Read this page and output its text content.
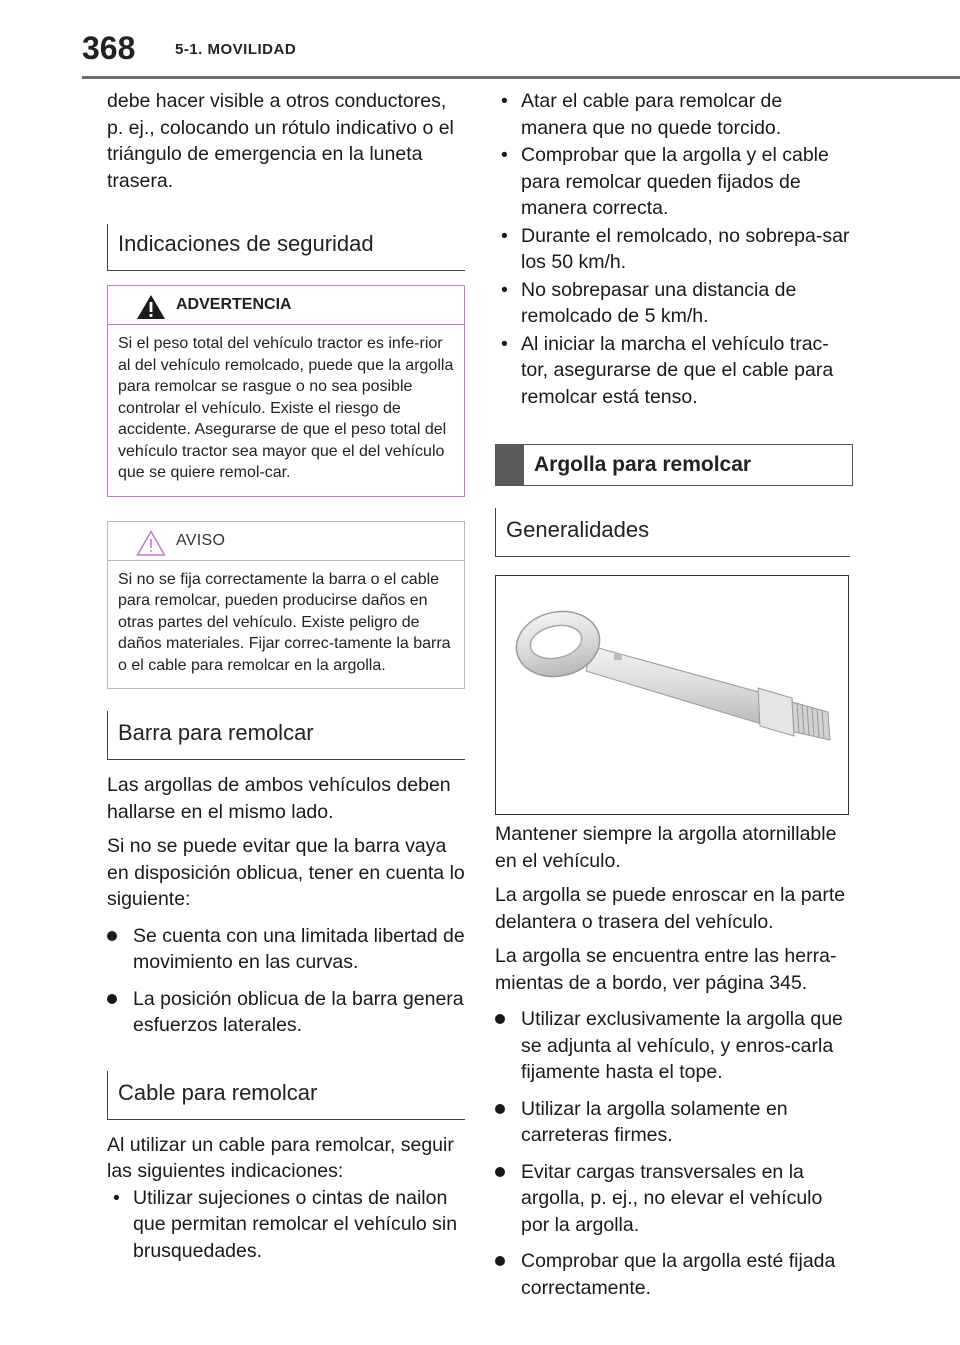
368	5-1. MOVILIDAD

debe hacer visible a otros conductores, p. ej., colocando un rótulo indicativo o el triángulo de emergencia en la luneta trasera.

Indicaciones de seguridad
ADVERTENCIA
Si el peso total del vehículo tractor es infe-rior al del vehículo remolcado, puede que la argolla para remolcar se rasgue o no sea posible controlar el vehículo. Existe el riesgo de accidente. Asegurarse de que el peso total del vehículo tractor sea mayor que el del vehículo que se quiere remol-car.
AVISO
Si no se fija correctamente la barra o el cable para remolcar, pueden producirse daños en otras partes del vehículo. Existe peligro de daños materiales. Fijar correc-tamente la barra o el cable para remolcar en la argolla.
Barra para remolcar

Las argollas de ambos vehículos deben hallarse en el mismo lado.

Si no se puede evitar que la barra vaya en disposición oblicua, tener en cuenta lo siguiente:

Se cuenta con una limitada libertad de movimiento en las curvas.
La posición oblicua de la barra genera esfuerzos laterales.
Cable para remolcar

Al utilizar un cable para remolcar, seguir las siguientes indicaciones:

• Utilizar sujeciones o cintas de nailon que permitan remolcar el vehículo sin brusquedades.
• Atar el cable para remolcar de manera que no quede torcido.
• Comprobar que la argolla y el cable para remolcar queden fijados de manera correcta.
• Durante el remolcado, no sobrepa-sar los 50 km/h.
• No sobrepasar una distancia de remolcado de 5 km/h.
• Al iniciar la marcha el vehículo trac-tor, asegurarse de que el cable para remolcar está tenso.
Argolla para remolcar
Generalidades

Mantener siempre la argolla atornillable en el vehículo.

La argolla se puede enroscar en la parte delantera o trasera del vehículo.

La argolla se encuentra entre las herra-mientas de a bordo, ver página 345.

Utilizar exclusivamente la argolla que se adjunta al vehículo, y enros-carla fijamente hasta el tope.
Utilizar la argolla solamente en carreteras firmes.
Evitar cargas transversales en la argolla, p. ej., no elevar el vehículo por la argolla.
Comprobar que la argolla esté fijada correctamente.
